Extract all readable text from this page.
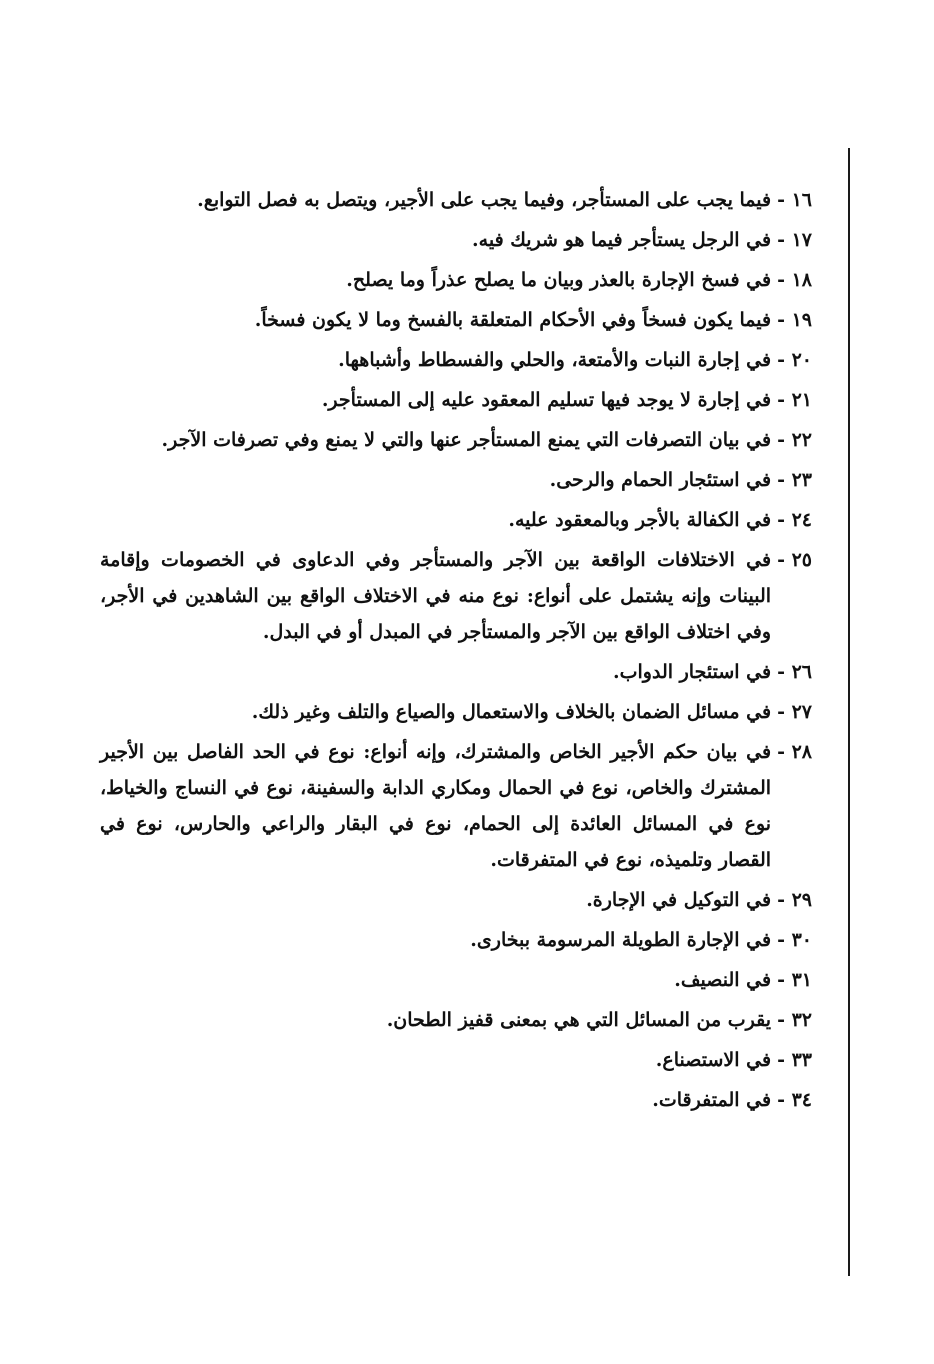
١٦ -
فيما يجب على المستأجر، وفيما يجب على الأجير، ويتصل به فصل التوابع.
١٧ -
في الرجل يستأجر فيما هو شريك فيه.
١٨ -
في فسخ الإجارة بالعذر وبيان ما يصلح عذراً وما يصلح.
١٩ -
فيما يكون فسخاً وفي الأحكام المتعلقة بالفسخ وما لا يكون فسخاً.
٢٠ -
في إجارة النبات والأمتعة، والحلي والفسطاط وأشباهها.
٢١ -
في إجارة لا يوجد فيها تسليم المعقود عليه إلى المستأجر.
٢٢ -
في بيان التصرفات التي يمنع المستأجر عنها والتي لا يمنع وفي تصرفات الآجر.
٢٣ -
في استئجار الحمام والرحى.
٢٤ -
في الكفالة بالأجر وبالمعقود عليه.
٢٥ -
في الاختلافات الواقعة بين الآجر والمستأجر وفي الدعاوى في الخصومات وإقامة البينات وإنه يشتمل على أنواع: نوع منه في الاختلاف الواقع بين الشاهدين في الأجر، وفي اختلاف الواقع بين الآجر والمستأجر في المبدل أو في البدل.
٢٦ -
في استئجار الدواب.
٢٧ -
في مسائل الضمان بالخلاف والاستعمال والصياع والتلف وغير ذلك.
٢٨ -
في بيان حكم الأجير الخاص والمشترك، وإنه أنواع: نوع في الحد الفاصل بين الأجير المشترك والخاص، نوع في الحمال ومكاري الدابة والسفينة، نوع في النساج والخياط، نوع في المسائل العائدة إلى الحمام، نوع في البقار والراعي والحارس، نوع في القصار وتلميذه، نوع في المتفرقات.
٢٩ -
في التوكيل في الإجارة.
٣٠ -
في الإجارة الطويلة المرسومة ببخارى.
٣١ -
في النصيف.
٣٢ -
يقرب من المسائل التي هي بمعنى قفيز الطحان.
٣٣ -
في الاستصناع.
٣٤ -
في المتفرقات.
